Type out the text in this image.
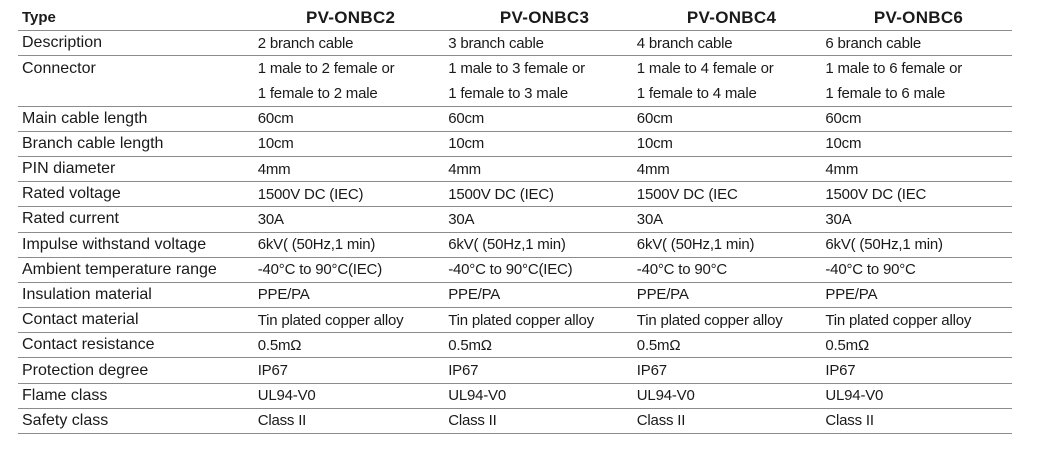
Type	PV-ONBC2	PV-ONBC3	PV-ONBC4	PV-ONBC6
Description	2 branch cable	3 branch cable	4 branch cable	6 branch cable
Connector	1 male to 2 female or	1 male to 3 female or	1 male to 4 female or	1 male to 6 female or
1 female to 2 male	1 female to 3 male	1 female to 4 male	1 female to 6 male
Main cable length	60cm	60cm	60cm	60cm
Branch cable length	10cm	10cm	10cm	10cm
PIN diameter	4mm	4mm	4mm	4mm
Rated voltage	1500V DC (IEC)	1500V DC (IEC)	1500V DC (IEC	1500V DC (IEC
Rated current	30A	30A	30A	30A
Impulse withstand voltage	6kV( (50Hz,1 min)	6kV( (50Hz,1 min)	6kV( (50Hz,1 min)	6kV( (50Hz,1 min)
Ambient temperature range	-40°C to 90°C(IEC)	-40°C to 90°C(IEC)	-40°C to 90°C	-40°C to 90°C
Insulation material	PPE/PA	PPE/PA	PPE/PA	PPE/PA
Contact material	Tin plated copper alloy	Tin plated copper alloy	Tin plated copper alloy	Tin plated copper alloy
Contact resistance	0.5mΩ	0.5mΩ	0.5mΩ	0.5mΩ
Protection degree	IP67	IP67	IP67	IP67
Flame class	UL94-V0	UL94-V0	UL94-V0	UL94-V0
Safety class	Class II	Class II	Class II	Class II
